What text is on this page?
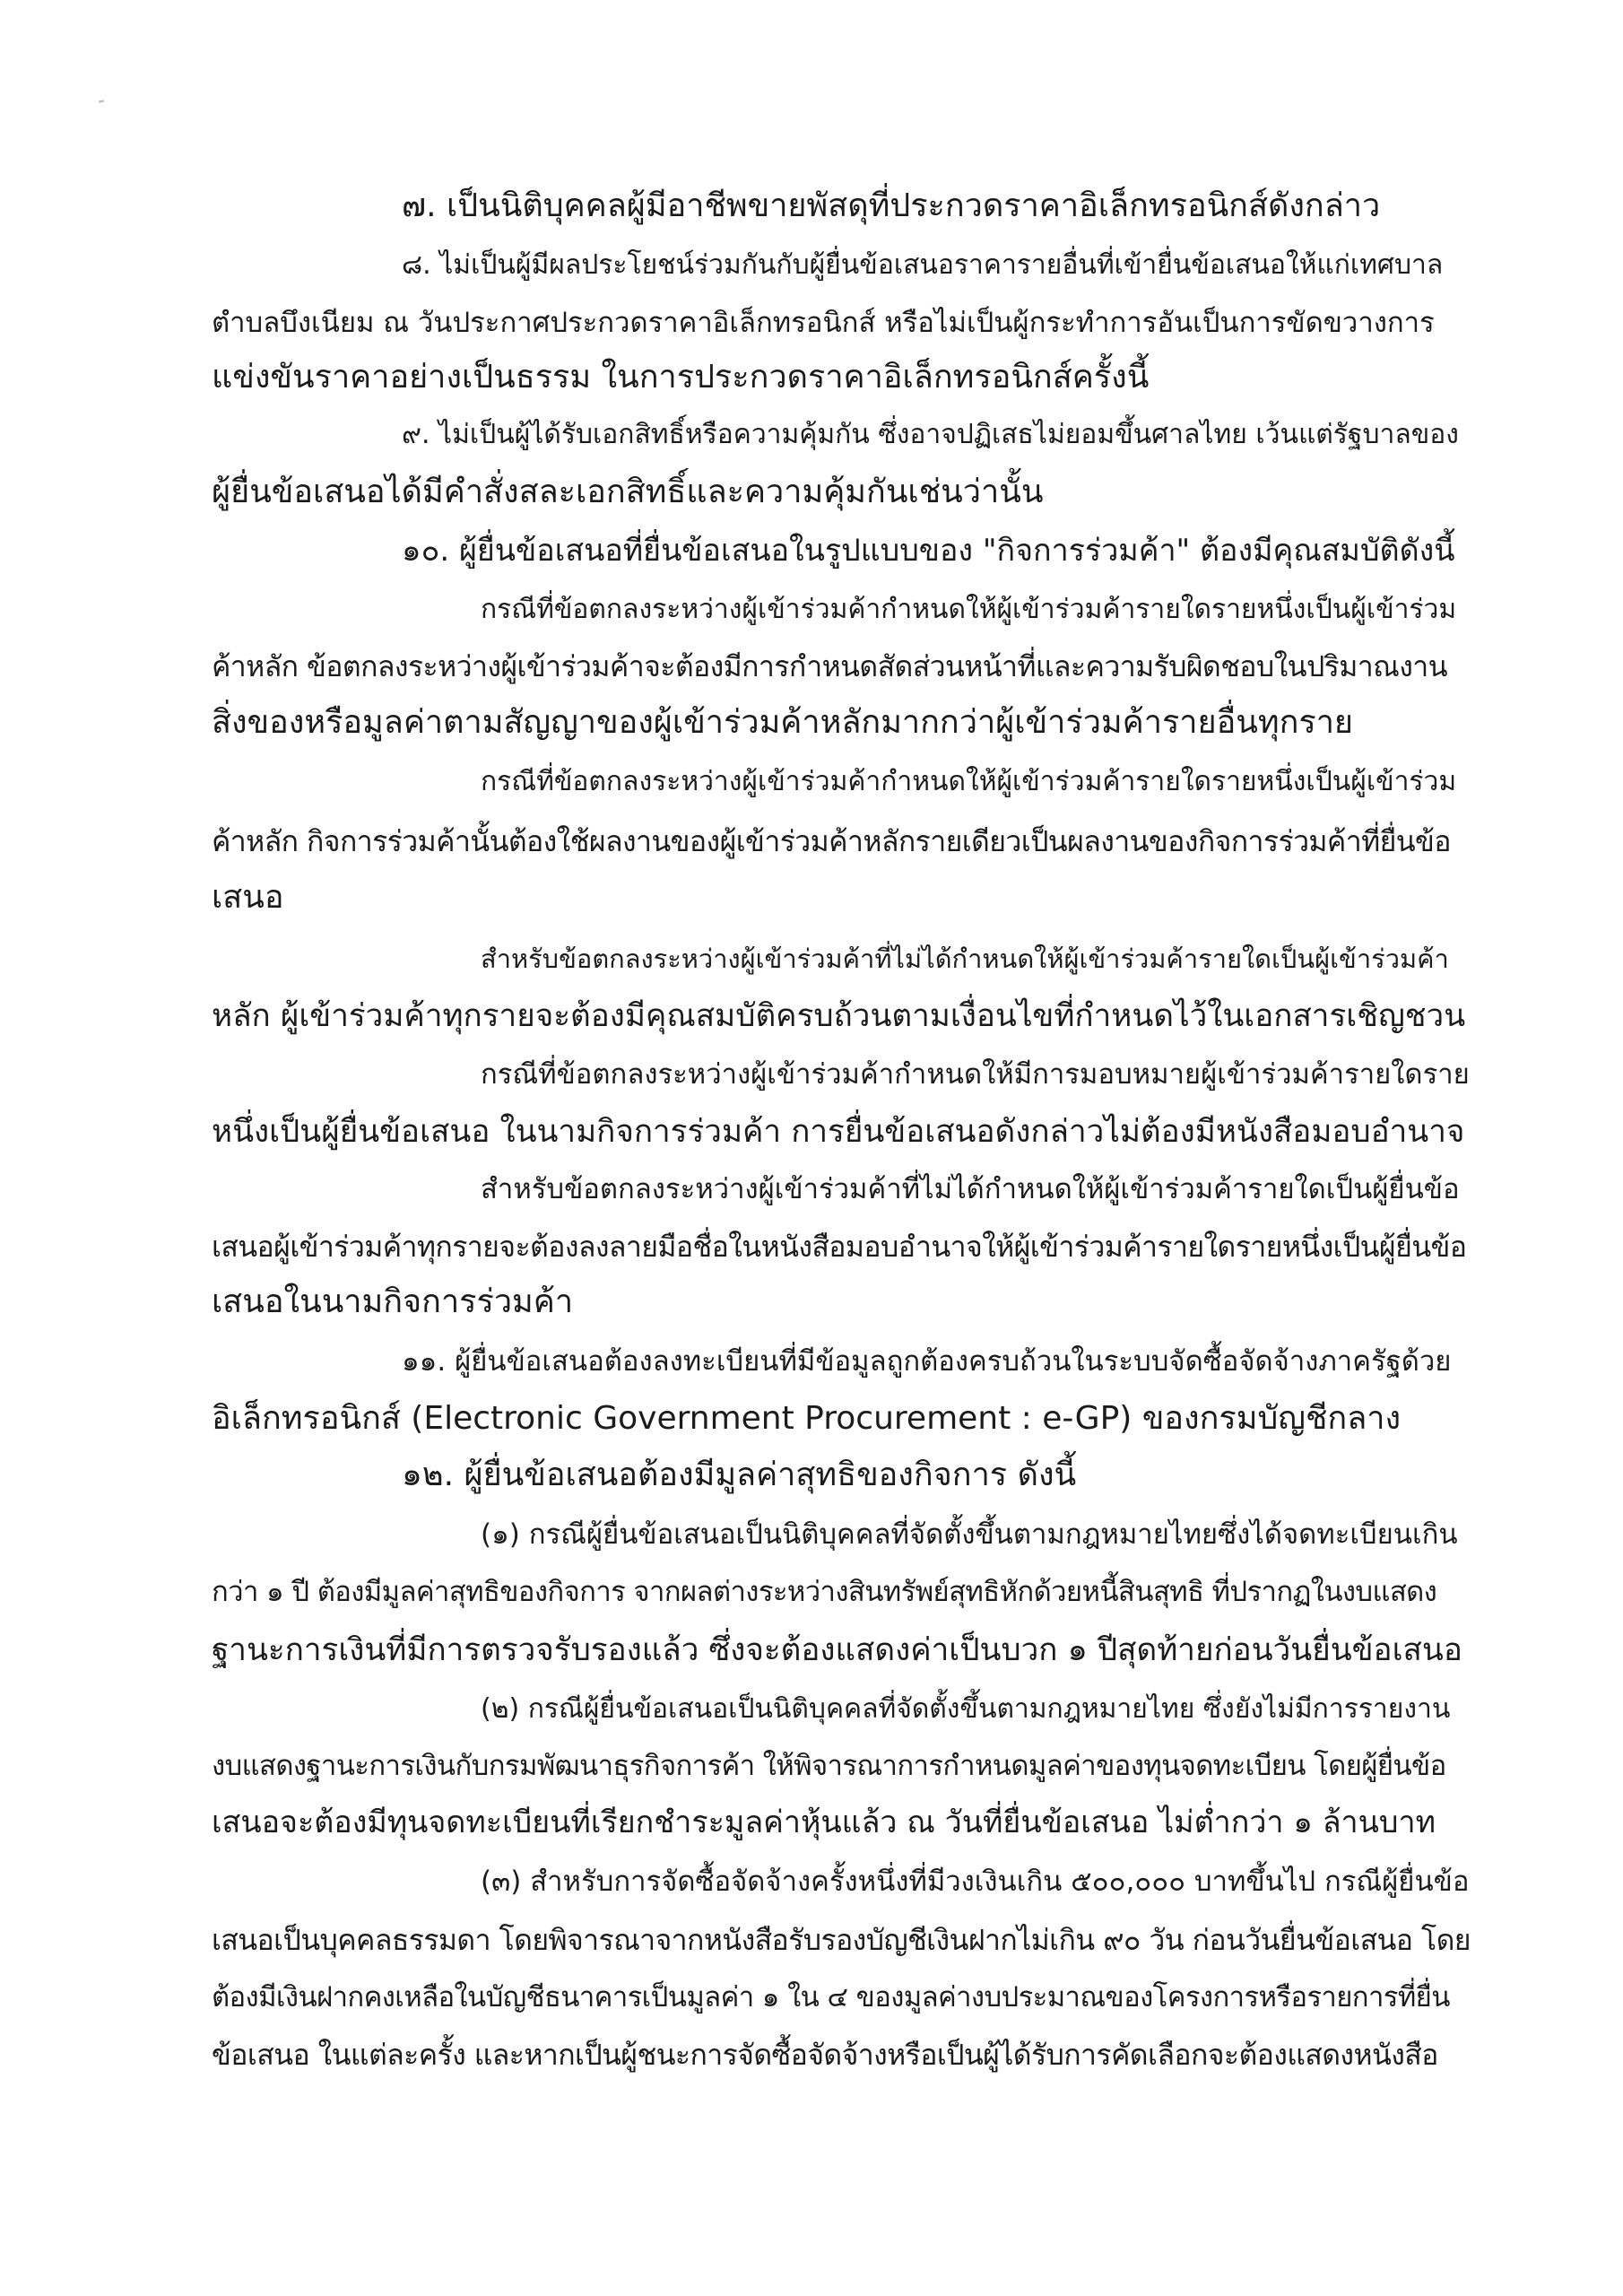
๗. เป็นนิติบุคคลผู้มีอาชีพขายพัสดุที่ประกวดราคาอิเล็กทรอนิกส์ดังกล่าว

๘. ไม่เป็นผู้มีผลประโยชน์ร่วมกันกับผู้ยื่นข้อเสนอราคารายอื่นที่เข้ายื่นข้อเสนอให้แก่เทศบาล

ตำบลบึงเนียม ณ วันประกาศประกวดราคาอิเล็กทรอนิกส์ หรือไม่เป็นผู้กระทำการอันเป็นการขัดขวางการ

แข่งขันราคาอย่างเป็นธรรม ในการประกวดราคาอิเล็กทรอนิกส์ครั้งนี้

๙. ไม่เป็นผู้ได้รับเอกสิทธิ์หรือความคุ้มกัน ซึ่งอาจปฏิเสธไม่ยอมขึ้นศาลไทย เว้นแต่รัฐบาลของ

ผู้ยื่นข้อเสนอได้มีคำสั่งสละเอกสิทธิ์และความคุ้มกันเช่นว่านั้น

๑๐. ผู้ยื่นข้อเสนอที่ยื่นข้อเสนอในรูปแบบของ "กิจการร่วมค้า" ต้องมีคุณสมบัติดังนี้

กรณีที่ข้อตกลงระหว่างผู้เข้าร่วมค้ากำหนดให้ผู้เข้าร่วมค้ารายใดรายหนึ่งเป็นผู้เข้าร่วม

ค้าหลัก ข้อตกลงระหว่างผู้เข้าร่วมค้าจะต้องมีการกำหนดสัดส่วนหน้าที่และความรับผิดชอบในปริมาณงาน

สิ่งของหรือมูลค่าตามสัญญาของผู้เข้าร่วมค้าหลักมากกว่าผู้เข้าร่วมค้ารายอื่นทุกราย

กรณีที่ข้อตกลงระหว่างผู้เข้าร่วมค้ากำหนดให้ผู้เข้าร่วมค้ารายใดรายหนึ่งเป็นผู้เข้าร่วม

ค้าหลัก กิจการร่วมค้านั้นต้องใช้ผลงานของผู้เข้าร่วมค้าหลักรายเดียวเป็นผลงานของกิจการร่วมค้าที่ยื่นข้อ

เสนอ

สำหรับข้อตกลงระหว่างผู้เข้าร่วมค้าที่ไม่ได้กำหนดให้ผู้เข้าร่วมค้ารายใดเป็นผู้เข้าร่วมค้า

หลัก ผู้เข้าร่วมค้าทุกรายจะต้องมีคุณสมบัติครบถ้วนตามเงื่อนไขที่กำหนดไว้ในเอกสารเชิญชวน

กรณีที่ข้อตกลงระหว่างผู้เข้าร่วมค้ากำหนดให้มีการมอบหมายผู้เข้าร่วมค้ารายใดราย

หนึ่งเป็นผู้ยื่นข้อเสนอ ในนามกิจการร่วมค้า การยื่นข้อเสนอดังกล่าวไม่ต้องมีหนังสือมอบอำนาจ

สำหรับข้อตกลงระหว่างผู้เข้าร่วมค้าที่ไม่ได้กำหนดให้ผู้เข้าร่วมค้ารายใดเป็นผู้ยื่นข้อ

เสนอผู้เข้าร่วมค้าทุกรายจะต้องลงลายมือชื่อในหนังสือมอบอำนาจให้ผู้เข้าร่วมค้ารายใดรายหนึ่งเป็นผู้ยื่นข้อ

เสนอในนามกิจการร่วมค้า

๑๑. ผู้ยื่นข้อเสนอต้องลงทะเบียนที่มีข้อมูลถูกต้องครบถ้วนในระบบจัดซื้อจัดจ้างภาครัฐด้วย

อิเล็กทรอนิกส์ (Electronic Government Procurement : e-GP) ของกรมบัญชีกลาง

๑๒. ผู้ยื่นข้อเสนอต้องมีมูลค่าสุทธิของกิจการ ดังนี้

(๑) กรณีผู้ยื่นข้อเสนอเป็นนิติบุคคลที่จัดตั้งขึ้นตามกฎหมายไทยซึ่งได้จดทะเบียนเกิน

กว่า ๑ ปี ต้องมีมูลค่าสุทธิของกิจการ จากผลต่างระหว่างสินทรัพย์สุทธิหักด้วยหนี้สินสุทธิ ที่ปรากฏในงบแสดง

ฐานะการเงินที่มีการตรวจรับรองแล้ว ซึ่งจะต้องแสดงค่าเป็นบวก ๑ ปีสุดท้ายก่อนวันยื่นข้อเสนอ

(๒) กรณีผู้ยื่นข้อเสนอเป็นนิติบุคคลที่จัดตั้งขึ้นตามกฎหมายไทย ซึ่งยังไม่มีการรายงาน

งบแสดงฐานะการเงินกับกรมพัฒนาธุรกิจการค้า ให้พิจารณาการกำหนดมูลค่าของทุนจดทะเบียน โดยผู้ยื่นข้อ

เสนอจะต้องมีทุนจดทะเบียนที่เรียกชำระมูลค่าหุ้นแล้ว ณ วันที่ยื่นข้อเสนอ ไม่ต่ำกว่า ๑ ล้านบาท

(๓) สำหรับการจัดซื้อจัดจ้างครั้งหนึ่งที่มีวงเงินเกิน ๕๐๐,๐๐๐ บาทขึ้นไป กรณีผู้ยื่นข้อ

เสนอเป็นบุคคลธรรมดา โดยพิจารณาจากหนังสือรับรองบัญชีเงินฝากไม่เกิน ๙๐ วัน ก่อนวันยื่นข้อเสนอ โดย

ต้องมีเงินฝากคงเหลือในบัญชีธนาคารเป็นมูลค่า ๑ ใน ๔ ของมูลค่างบประมาณของโครงการหรือรายการที่ยื่น

ข้อเสนอ ในแต่ละครั้ง และหากเป็นผู้ชนะการจัดซื้อจัดจ้างหรือเป็นผู้ได้รับการคัดเลือกจะต้องแสดงหนังสือ
